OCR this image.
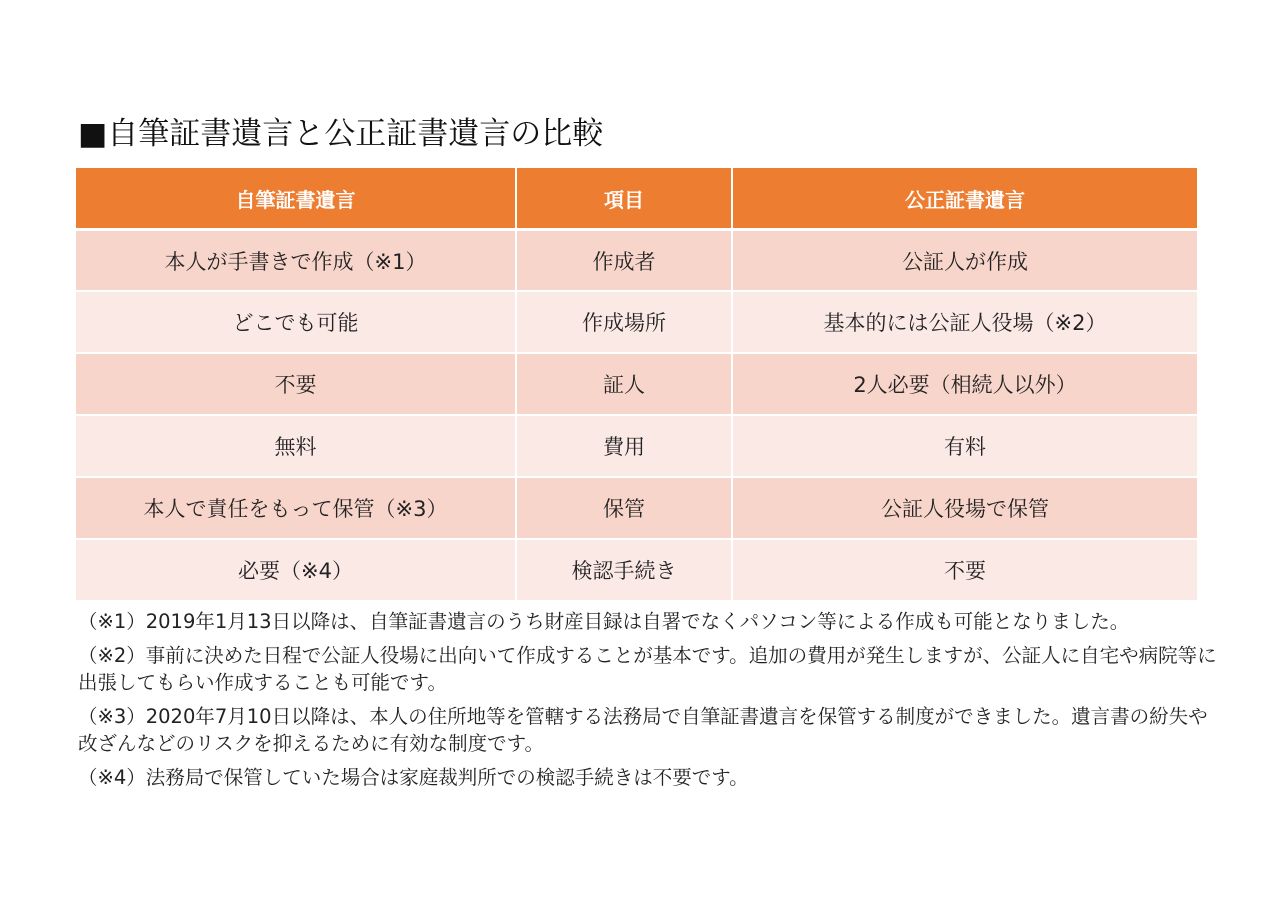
■自筆証書遺言と公正証書遺言の比較
自筆証書遺言	項目	公正証書遺言
本人が手書きで作成（※1）	作成者	公証人が作成
どこでも可能	作成場所	基本的には公証人役場（※2）
不要	証人	2人必要（相続人以外）
無料	費用	有料
本人で責任をもって保管（※3）	保管	公証人役場で保管
必要（※4）	検認手続き	不要

（※1）2019年1月13日以降は、自筆証書遺言のうち財産目録は自署でなくパソコン等による作成も可能となりました。

（※2）事前に決めた日程で公証人役場に出向いて作成することが基本です。追加の費用が発生しますが、公証人に自宅や病院等に出張してもらい作成することも可能です。

（※3）2020年7月10日以降は、本人の住所地等を管轄する法務局で自筆証書遺言を保管する制度ができました。遺言書の紛失や改ざんなどのリスクを抑えるために有効な制度です。

（※4）法務局で保管していた場合は家庭裁判所での検認手続きは不要です。
